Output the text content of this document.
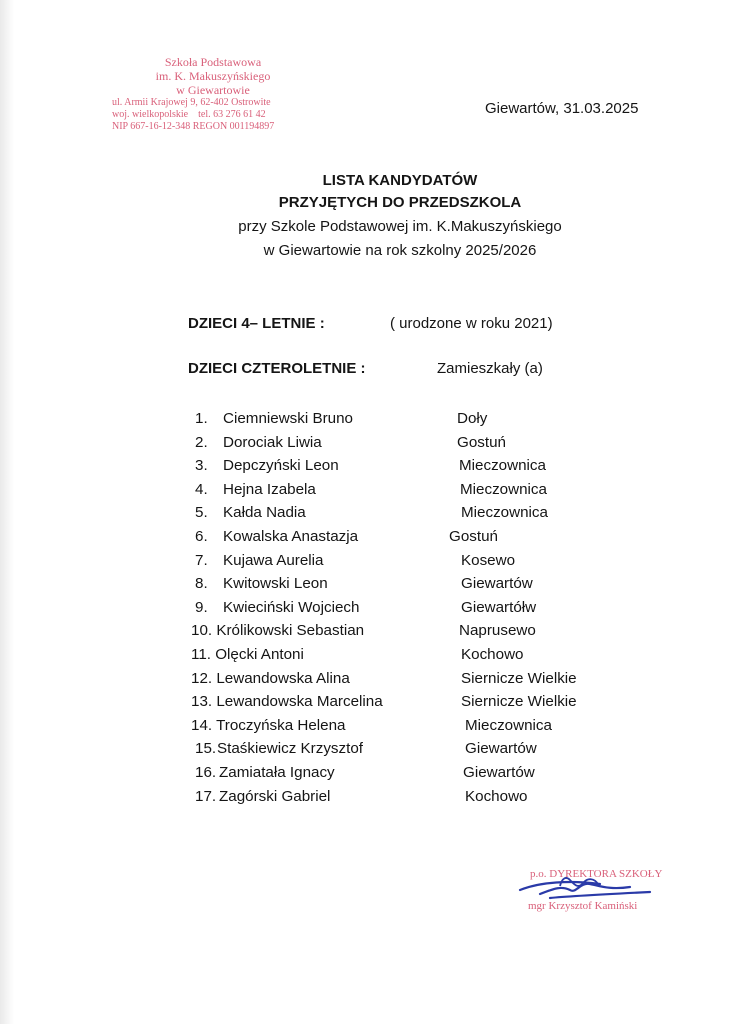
Szkoła Podstawowa
im. K. Makuszyńskiego
w Giewartowie
ul. Armii Krajowej 9, 62-402 Ostrowite
woj. wielkopolskie    tel. 63 276 61 42
NIP 667-16-12-348 REGON 001194897
Giewartów, 31.03.2025
LISTA KANDYDATÓW
PRZYJĘTYCH DO PRZEDSZKOLA
przy Szkole Podstawowej im. K.Makuszyńskiego
w Giewartowie na rok szkolny 2025/2026
DZIECI 4– LETNIE :	( urodzone w roku 2021)
DZIECI CZTEROLETNIE :	Zamieszkały (a)
1. Ciemniewski Bruno	Doły
2. Dorociak Liwia	Gostuń
3. Depczyński Leon	Mieczownica
4. Hejna Izabela	Mieczownica
5. Kałda Nadia	Mieczownica
6. Kowalska Anastazja	Gostuń
7. Kujawa Aurelia	Kosewo
8. Kwitowski Leon	Giewartów
9. Kwieciński Wojciech	Giewartółw
10. Królikowski Sebastian	Naprusewo
11. Olęcki Antoni	Kochowo
12. Lewandowska Alina	Siernicze Wielkie
13. Lewandowska Marcelina	Siernicze Wielkie
14. Troczyńska Helena	Mieczownica
15. Staśkiewicz Krzysztof	Giewartów
16. Zamiatała Ignacy	Giewartów
17. Zagórski Gabriel	Kochowo
p.o. DYREKTORA SZKOŁY
mgr Krzysztof Kamiński
